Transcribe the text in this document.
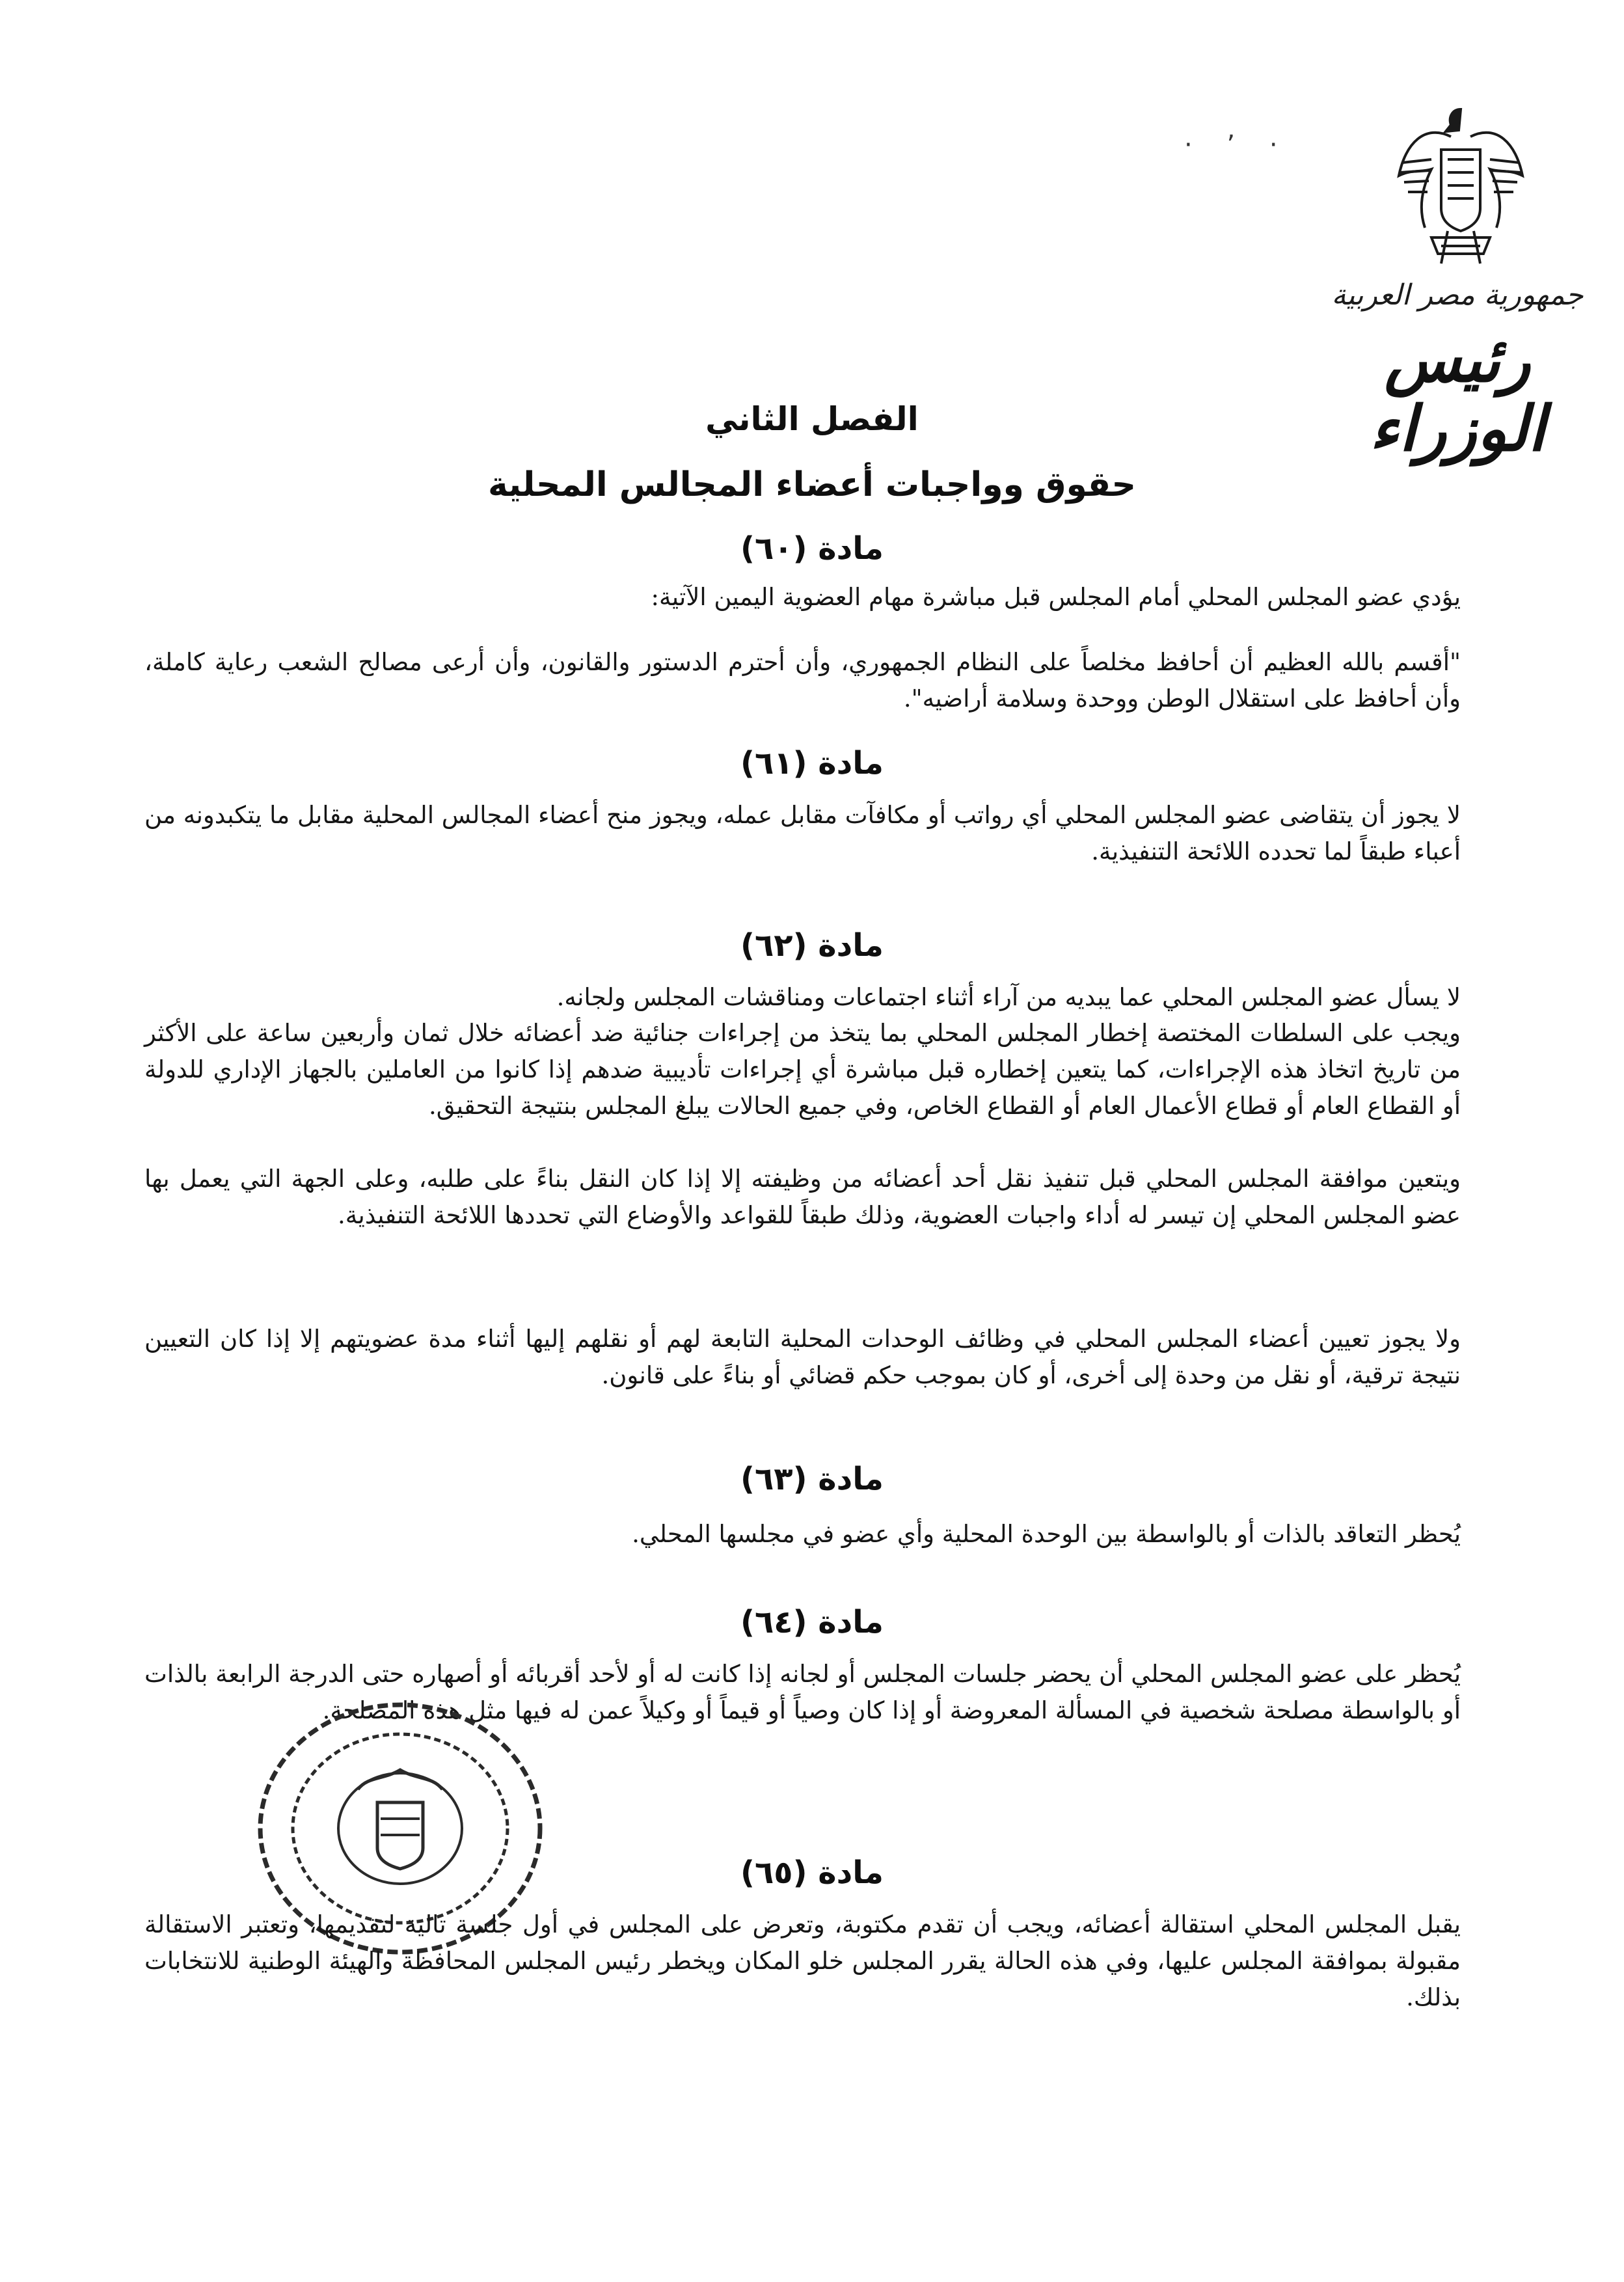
· ʼ ·
جمهورية مصر العربية
رئيس الوزراء
الفصل الثاني
حقوق وواجبات أعضاء المجالس المحلية
مادة (٦٠)
يؤدي عضو المجلس المحلي أمام المجلس قبل مباشرة مهام العضوية اليمين الآتية:
"أقسم بالله العظيم أن أحافظ مخلصاً على النظام الجمهوري، وأن أحترم الدستور والقانون، وأن أرعى مصالح الشعب رعاية كاملة، وأن أحافظ على استقلال الوطن ووحدة وسلامة أراضيه".
مادة (٦١)
لا يجوز أن يتقاضى عضو المجلس المحلي أي رواتب أو مكافآت مقابل عمله، ويجوز منح أعضاء المجالس المحلية مقابل ما يتكبدونه من أعباء طبقاً لما تحدده اللائحة التنفيذية.
مادة (٦٢)
لا يسأل عضو المجلس المحلي عما يبديه من آراء أثناء اجتماعات ومناقشات المجلس ولجانه.
ويجب على السلطات المختصة إخطار المجلس المحلي بما يتخذ من إجراءات جنائية ضد أعضائه خلال ثمان وأربعين ساعة على الأكثر من تاريخ اتخاذ هذه الإجراءات، كما يتعين إخطاره قبل مباشرة أي إجراءات تأديبية ضدهم إذا كانوا من العاملين بالجهاز الإداري للدولة أو القطاع العام أو قطاع الأعمال العام أو القطاع الخاص، وفي جميع الحالات يبلغ المجلس بنتيجة التحقيق.
ويتعين موافقة المجلس المحلي قبل تنفيذ نقل أحد أعضائه من وظيفته إلا إذا كان النقل بناءً على طلبه، وعلى الجهة التي يعمل بها عضو المجلس المحلي إن تيسر له أداء واجبات العضوية، وذلك طبقاً للقواعد والأوضاع التي تحددها اللائحة التنفيذية.
ولا يجوز تعيين أعضاء المجلس المحلي في وظائف الوحدات المحلية التابعة لهم أو نقلهم إليها أثناء مدة عضويتهم إلا إذا كان التعيين نتيجة ترقية، أو نقل من وحدة إلى أخرى، أو كان بموجب حكم قضائي أو بناءً على قانون.
مادة (٦٣)
يُحظر التعاقد بالذات أو بالواسطة بين الوحدة المحلية وأي عضو في مجلسها المحلي.
مادة (٦٤)
يُحظر على عضو المجلس المحلي أن يحضر جلسات المجلس أو لجانه إذا كانت له أو لأحد أقربائه أو أصهاره حتى الدرجة الرابعة بالذات أو بالواسطة مصلحة شخصية في المسألة المعروضة أو إذا كان وصياً أو قيماً أو وكيلاً عمن له فيها مثل هذه المصلحة.
مادة (٦٥)
يقبل المجلس المحلي استقالة أعضائه، ويجب أن تقدم مكتوبة، وتعرض على المجلس في أول جلسة تالية لتقديمها، وتعتبر الاستقالة مقبولة بموافقة المجلس عليها، وفي هذه الحالة يقرر المجلس خلو المكان ويخطر رئيس المجلس المحافظة والهيئة الوطنية للانتخابات بذلك.
